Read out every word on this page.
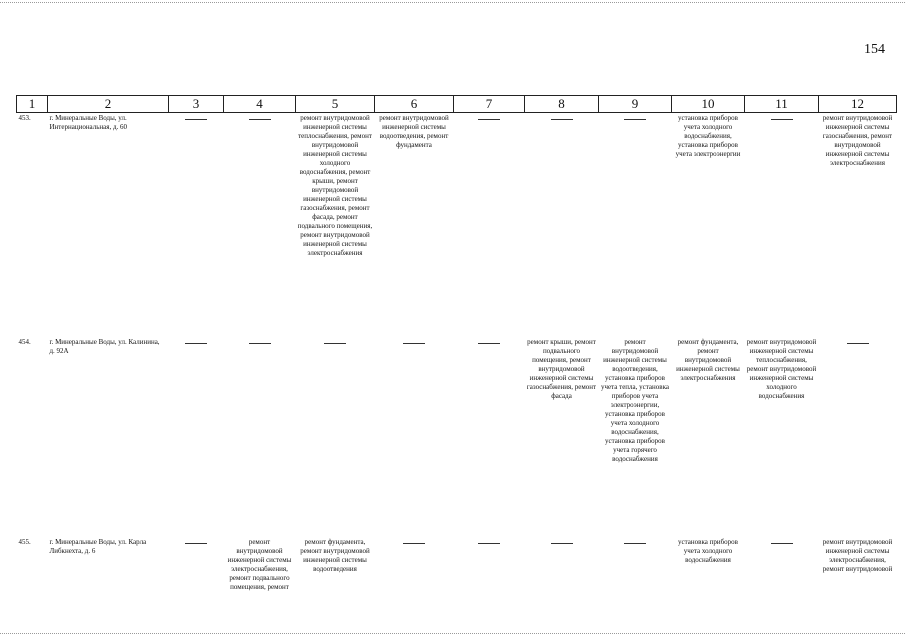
154
1	2	3	4	5	6	7	8	9	10	11	12
453.	г. Минеральные Воды, ул. Интернациональная, д. 60			ремонт внутридомовой инженерной системы теплоснабжения, ремонт внутридомовой инженерной системы холодного водоснабжения, ремонт крыши, ремонт внутридомовой инженерной системы газоснабжения, ремонт фасада, ремонт подвального помещения, ремонт внутридомовой инженерной системы электроснабжения	ремонт внутридомовой инженерной системы водоотведения, ремонт фундамента				установка приборов учета холодного водоснабжения, установка приборов учета электроэнергии		ремонт внутридомовой инженерной системы газоснабжения, ремонт внутридомовой инженерной системы электроснабжения
454.	г. Минеральные Воды, ул. Калинина, д. 92А						ремонт крыши, ремонт подвального помещения, ремонт внутридомовой инженерной системы газоснабжения, ремонт фасада	ремонт внутридомовой инженерной системы водоотведения, установка приборов учета тепла, установка приборов учета электроэнергии, установка приборов учета холодного водоснабжения, установка приборов учета горячего водоснабжения	ремонт фундамента, ремонт внутридомовой инженерной системы электроснабжения	ремонт внутридомовой инженерной системы теплоснабжения, ремонт внутридомовой инженерной системы холодного водоснабжения	
455.	г. Минеральные Воды, ул. Карла Либкнехта, д. 6		ремонт внутридомовой инженерной системы электроснабжения, ремонт подвального помещения, ремонт	ремонт фундамента, ремонт внутридомовой инженерной системы водоотведения					установка приборов учета холодного водоснабжения		ремонт внутридомовой инженерной системы электроснабжения, ремонт внутридомовой
